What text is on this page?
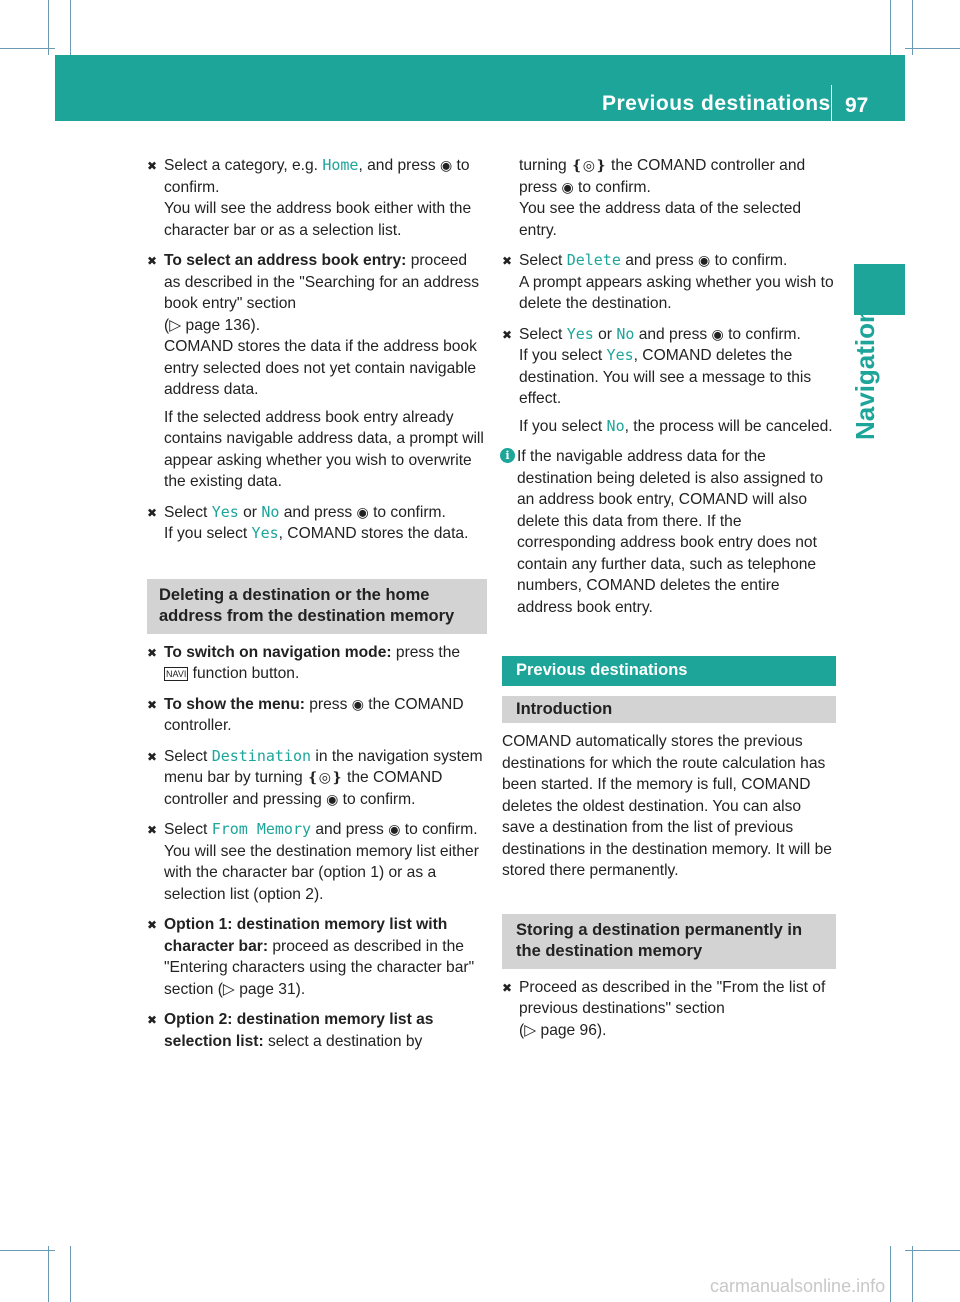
Previous destinations 97
Navigation
✖ Select a category, e.g. Home, and press ◉ to confirm.
You will see the address book either with the character bar or as a selection list.
✖ To select an address book entry: proceed as described in the "Searching for an address book entry" section
(▷ page 136).
COMAND stores the data if the address book entry selected does not yet contain navigable address data.
If the selected address book entry already contains navigable address data, a prompt will appear asking whether you wish to overwrite the existing data.
✖ Select Yes or No and press ◉ to confirm.
If you select Yes, COMAND stores the data.
Deleting a destination or the home address from the destination memory
✖ To switch on navigation mode: press the NAVI function button.
✖ To show the menu: press ◉ the COMAND controller.
✖ Select Destination in the navigation system menu bar by turning ❴◎❵ the COMAND controller and pressing ◉ to confirm.
✖ Select From Memory and press ◉ to confirm.
You will see the destination memory list either with the character bar (option 1) or as a selection list (option 2).
✖ Option 1: destination memory list with character bar: proceed as described in the "Entering characters using the character bar" section (▷ page 31).
✖ Option 2: destination memory list as selection list: select a destination by
turning ❴◎❵ the COMAND controller and press ◉ to confirm.
You see the address data of the selected entry.
✖ Select Delete and press ◉ to confirm.
A prompt appears asking whether you wish to delete the destination.
✖ Select Yes or No and press ◉ to confirm.
If you select Yes, COMAND deletes the destination. You will see a message to this effect.
If you select No, the process will be canceled.
i If the navigable address data for the destination being deleted is also assigned to an address book entry, COMAND will also delete this data from there. If the corresponding address book entry does not contain any further data, such as telephone numbers, COMAND deletes the entire address book entry.
Previous destinations
Introduction
COMAND automatically stores the previous destinations for which the route calculation has been started. If the memory is full, COMAND deletes the oldest destination. You can also save a destination from the list of previous destinations in the destination memory. It will be stored there permanently.
Storing a destination permanently in the destination memory
✖ Proceed as described in the "From the list of previous destinations" section
(▷ page 96).
carmanualsonline.info
